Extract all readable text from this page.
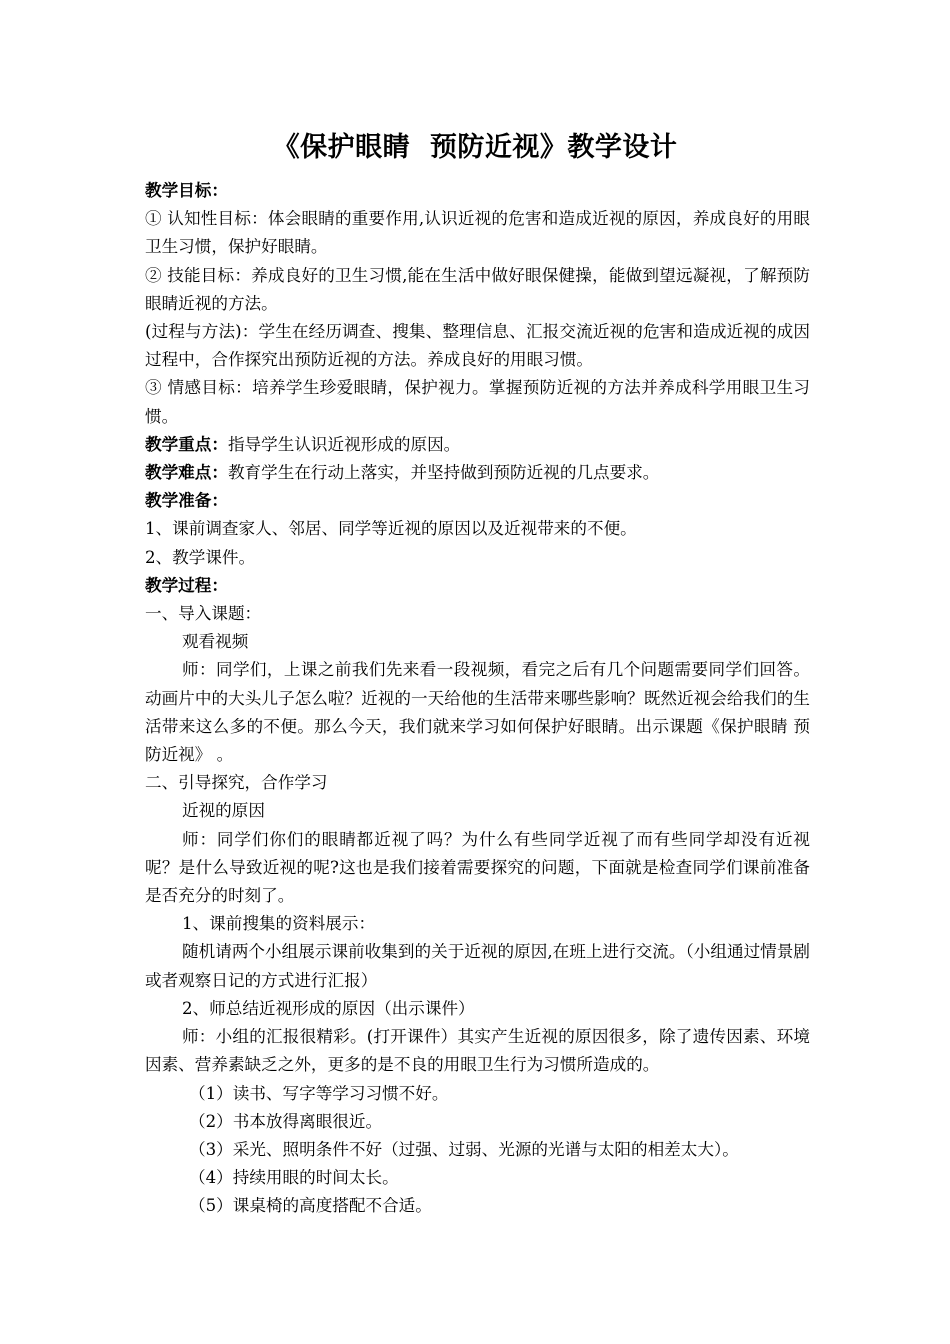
《保护眼睛  预防近视》教学设计

教学目标：

① 认知性目标：体会眼睛的重要作用,认识近视的危害和造成近视的原因，养成良好的用眼卫生习惯，保护好眼睛。

② 技能目标：养成良好的卫生习惯,能在生活中做好眼保健操，能做到望远凝视，了解预防眼睛近视的方法。

(过程与方法)：学生在经历调查、搜集、整理信息、汇报交流近视的危害和造成近视的成因过程中，合作探究出预防近视的方法。养成良好的用眼习惯。

③ 情感目标：培养学生珍爱眼睛，保护视力。掌握预防近视的方法并养成科学用眼卫生习惯。

教学重点：指导学生认识近视形成的原因。

教学难点：教育学生在行动上落实，并坚持做到预防近视的几点要求。

教学准备：

1、课前调查家人、邻居、同学等近视的原因以及近视带来的不便。

2、教学课件。

教学过程：

一、导入课题：

观看视频

师：同学们，上课之前我们先来看一段视频，看完之后有几个问题需要同学们回答。动画片中的大头儿子怎么啦？近视的一天给他的生活带来哪些影响？既然近视会给我们的生活带来这么多的不便。那么今天，我们就来学习如何保护好眼睛。出示课题《保护眼睛 预防近视》 。

二、引导探究，合作学习

近视的原因

师：同学们你们的眼睛都近视了吗？为什么有些同学近视了而有些同学却没有近视呢？是什么导致近视的呢?这也是我们接着需要探究的问题，下面就是检查同学们课前准备是否充分的时刻了。

1、课前搜集的资料展示：

随机请两个小组展示课前收集到的关于近视的原因,在班上进行交流。（小组通过情景剧或者观察日记的方式进行汇报）

2、师总结近视形成的原因（出示课件）

师：小组的汇报很精彩。(打开课件）其实产生近视的原因很多，除了遗传因素、环境因素、营养素缺乏之外，更多的是不良的用眼卫生行为习惯所造成的。

（1）读书、写字等学习习惯不好。

（2）书本放得离眼很近。

（3）采光、照明条件不好（过强、过弱、光源的光谱与太阳的相差太大）。

（4）持续用眼的时间太长。

（5）课桌椅的高度搭配不合适。
